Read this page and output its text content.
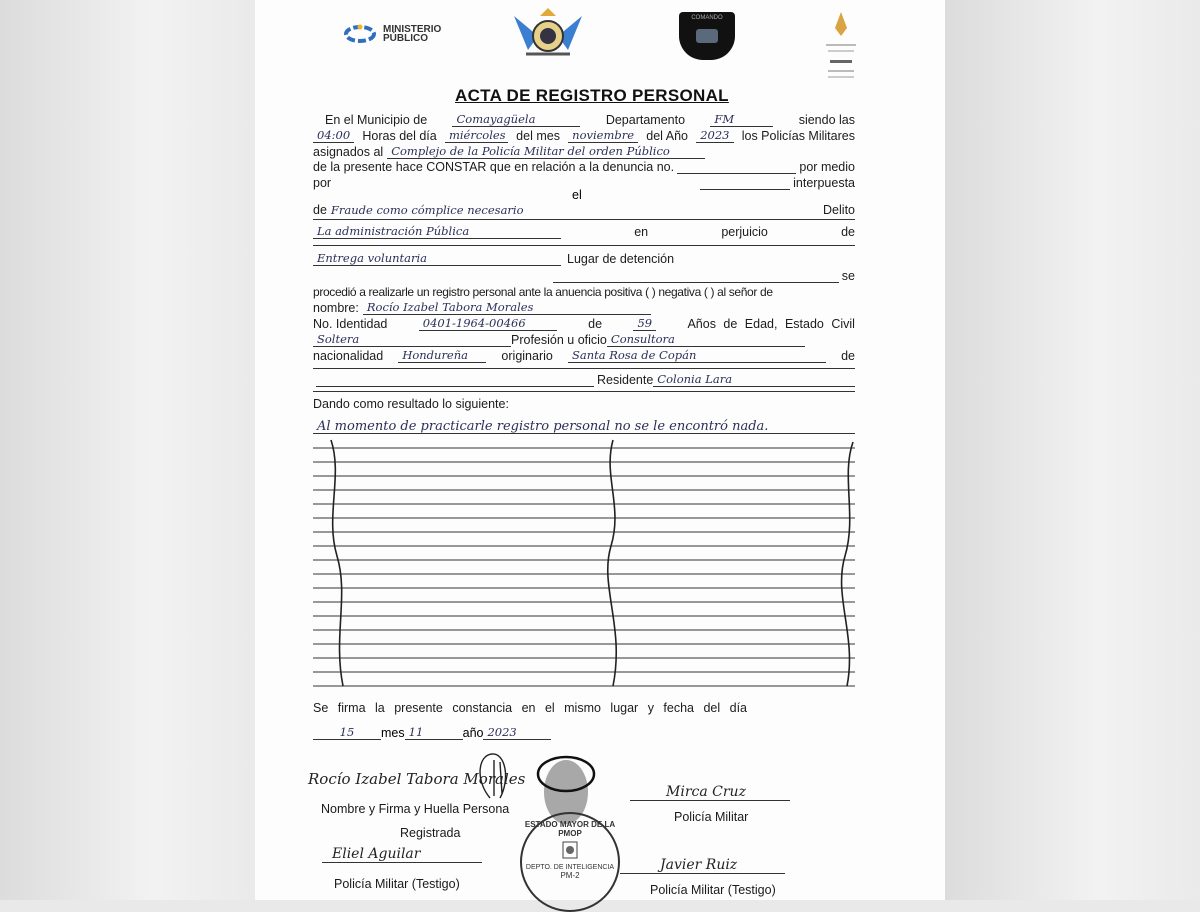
MINISTERIO PÚBLICO
COMANDO
ACTA DE REGISTRO PERSONAL
En el Municipio de	Comayagüela	Departamento	FM	siendo las
04:00 Horas del día	miércoles del mes	noviembre del Año	2023 los Policías Militares
asignados al Complejo de la Policía Militar del orden Público
de la presente hace CONSTAR que en relación a la denuncia no.	por medio
por	interpuesta
el
de Fraude como cómplice necesario	Delito
La administración Pública	en	perjuicio	de
Entrega voluntaria	Lugar de detención
se
procedió a realizarle un registro personal ante la anuencia positiva ( ) negativa ( ) al señor de
nombre: Rocío Izabel Tabora Morales
No. Identidad	0401-1964-00466	de	59	Años de Edad, Estado Civil
Soltera	Profesión u oficio Consultora
nacionalidad	Hondureña	originario	Santa Rosa de Copán	de
Residente Colonia Lara
Dando como resultado lo siguiente:
Al momento de practicarle registro personal no se le encontró nada.
Se firma la presente constancia en el mismo lugar y fecha del día
15	mes 11	año 2023
Rocío Izabel Tabora Morales
Nombre y Firma y Huella Persona
Registrada
Eliel Aguilar
Policía Militar (Testigo)
Mirca Cruz
Policía Militar
Javier Ruiz
Policía Militar (Testigo)
ESTADO MAYOR DE LA PMOP
DEPTO. DE INTELIGENCIA
PM-2
